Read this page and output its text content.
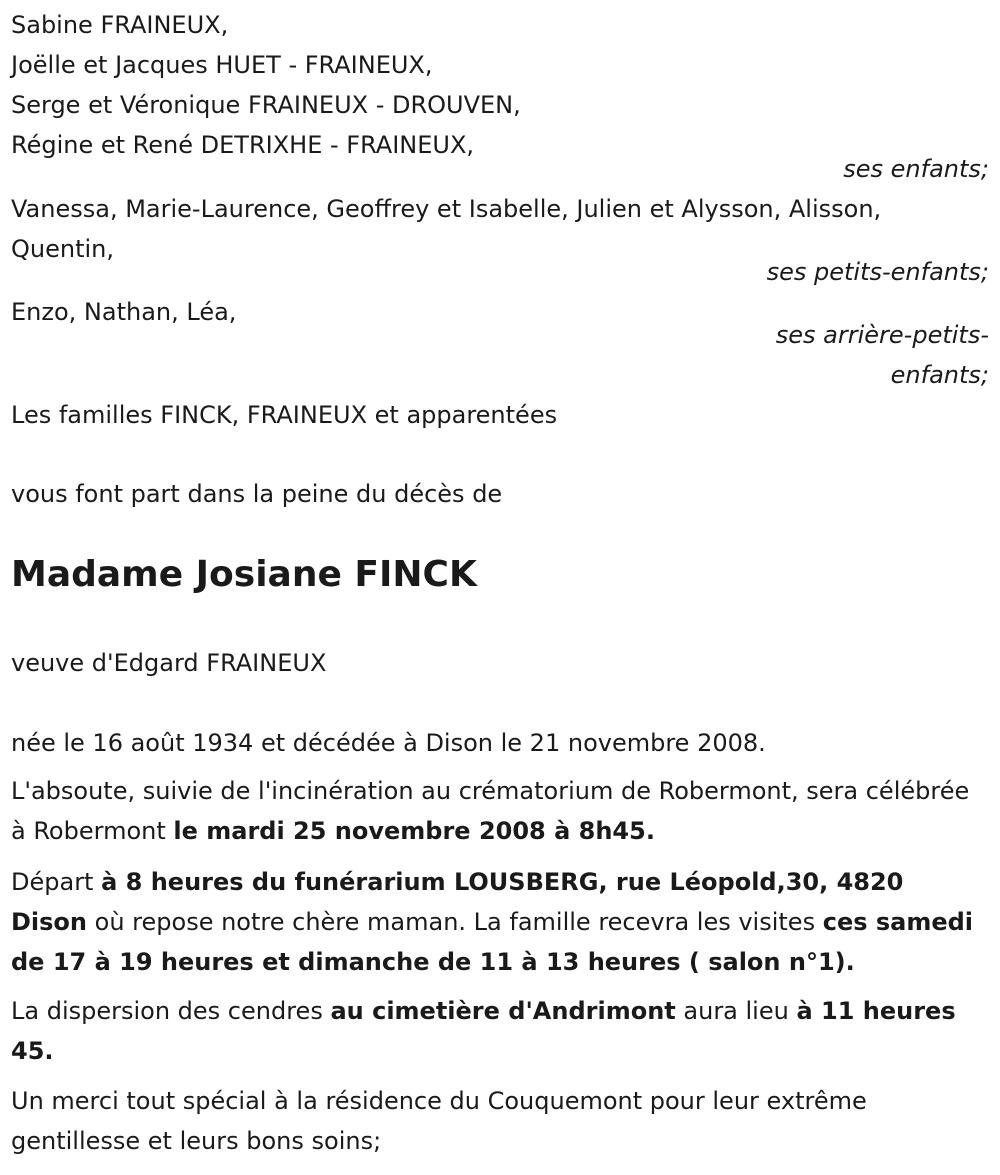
Sabine FRAINEUX,
Joëlle et Jacques HUET - FRAINEUX,
Serge et Véronique FRAINEUX - DROUVEN,
Régine et René DETRIXHE - FRAINEUX,
ses enfants;
Vanessa, Marie-Laurence, Geoffrey et Isabelle, Julien et Alysson, Alisson,
Quentin,
ses petits-enfants;
Enzo, Nathan, Léa,
ses arrière-petits-
enfants;
Les familles FINCK, FRAINEUX et apparentées
vous font part dans la peine du décès de
Madame Josiane FINCK
veuve d'Edgard FRAINEUX
née le 16 août 1934 et décédée à Dison le 21 novembre 2008.
L'absoute, suivie de l'incinération au crématorium de Robermont, sera célébrée à Robermont le mardi 25 novembre 2008 à 8h45.
Départ à 8 heures du funérarium LOUSBERG, rue Léopold,30, 4820 Dison où repose notre chère maman. La famille recevra les visites ces samedi de 17 à 19 heures et dimanche de 11 à 13 heures ( salon n°1).
La dispersion des cendres au cimetière d'Andrimont aura lieu à 11 heures 45.
Un merci tout spécial à la résidence du Couquemont pour leur extrême gentillesse et leurs bons soins;
